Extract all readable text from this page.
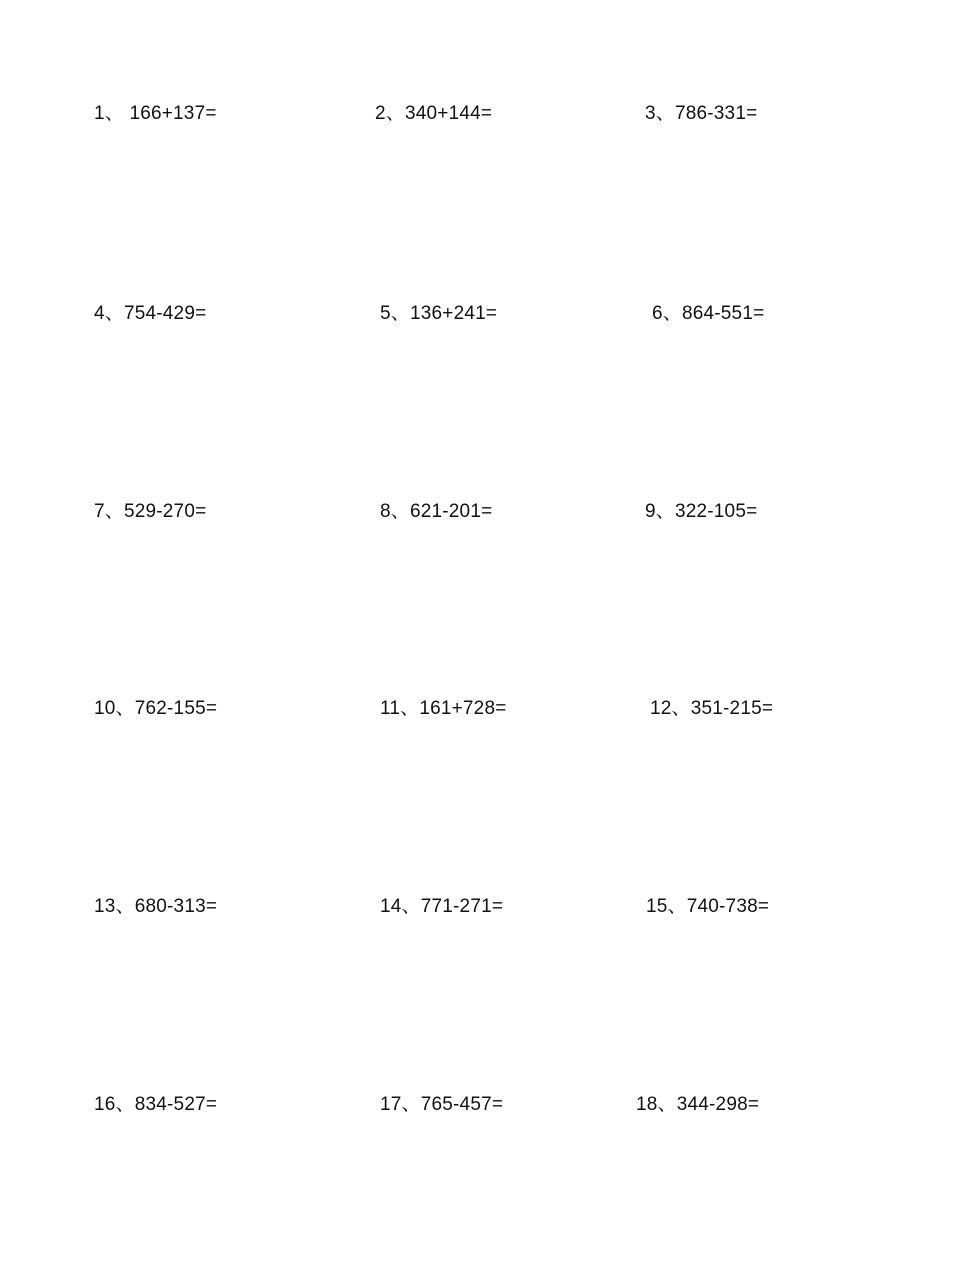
1、 166+137=	2、340+144=	3、786-331=
4、754-429=	5、136+241=	6、864-551=
7、529-270=	8、621-201=	9、322-105=
10、762-155=	11、161+728=	12、351-215=
13、680-313=	14、771-271=	15、740-738=
16、834-527=	17、765-457=	18、344-298=
